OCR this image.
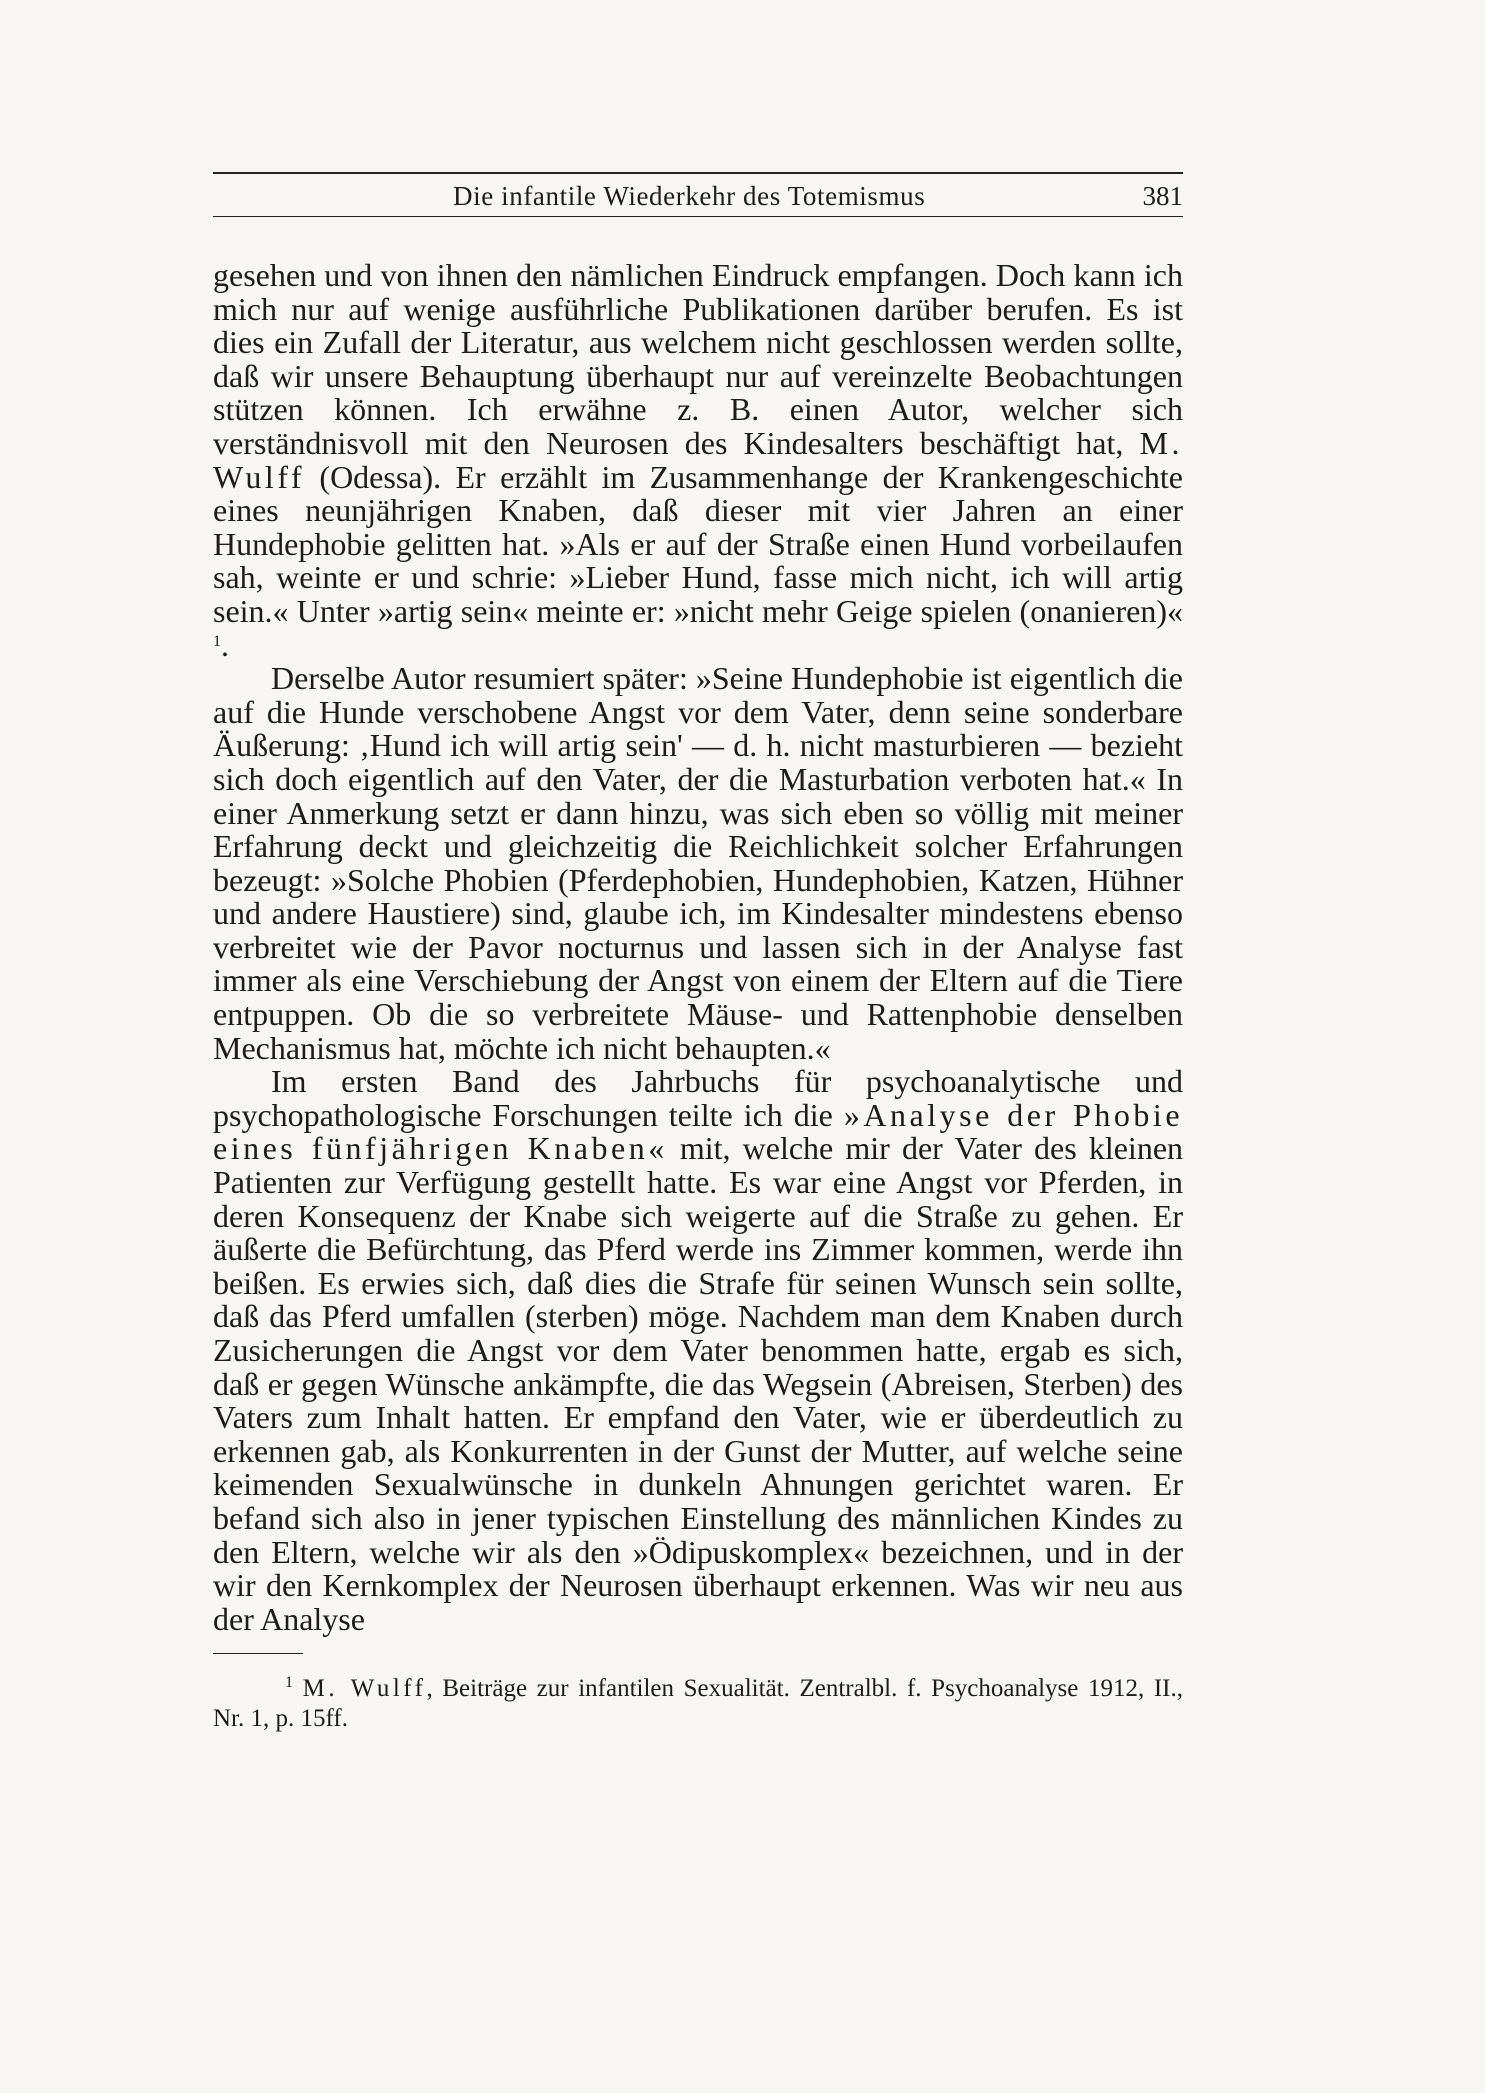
Die infantile Wiederkehr des Totemismus	381

gesehen und von ihnen den nämlichen Eindruck empfangen. Doch kann ich mich nur auf wenige ausführliche Publikationen darüber berufen. Es ist dies ein Zufall der Literatur, aus welchem nicht geschlossen werden sollte, daß wir unsere Behauptung überhaupt nur auf vereinzelte Beobachtungen stützen können. Ich erwähne z. B. einen Autor, welcher sich verständnisvoll mit den Neurosen des Kindesalters beschäftigt hat, M. Wulff (Odessa). Er erzählt im Zusammenhange der Krankengeschichte eines neunjährigen Knaben, daß dieser mit vier Jahren an einer Hundephobie gelitten hat. »Als er auf der Straße einen Hund vorbeilaufen sah, weinte er und schrie: »Lieber Hund, fasse mich nicht, ich will artig sein.« Unter »artig sein« meinte er: »nicht mehr Geige spielen (onanieren)« $^1$.

Derselbe Autor resumiert später: »Seine Hundephobie ist eigentlich die auf die Hunde verschobene Angst vor dem Vater, denn seine sonderbare Äußerung: ‚Hund ich will artig sein' — d. h. nicht masturbieren — bezieht sich doch eigentlich auf den Vater, der die Masturbation verboten hat.« In einer Anmerkung setzt er dann hinzu, was sich eben so völlig mit meiner Erfahrung deckt und gleichzeitig die Reichlichkeit solcher Erfahrungen bezeugt: »Solche Phobien (Pferdephobien, Hundephobien, Katzen, Hühner und andere Haustiere) sind, glaube ich, im Kindesalter mindestens ebenso verbreitet wie der Pavor nocturnus und lassen sich in der Analyse fast immer als eine Verschiebung der Angst von einem der Eltern auf die Tiere entpuppen. Ob die so verbreitete Mäuse- und Rattenphobie denselben Mechanismus hat, möchte ich nicht behaupten.«

Im ersten Band des Jahrbuchs für psychoanalytische und psychopathologische Forschungen teilte ich die »Analyse der Phobie eines fünfjährigen Knaben« mit, welche mir der Vater des kleinen Patienten zur Verfügung gestellt hatte. Es war eine Angst vor Pferden, in deren Konsequenz der Knabe sich weigerte auf die Straße zu gehen. Er äußerte die Befürchtung, das Pferd werde ins Zimmer kommen, werde ihn beißen. Es erwies sich, daß dies die Strafe für seinen Wunsch sein sollte, daß das Pferd umfallen (sterben) möge. Nachdem man dem Knaben durch Zusicherungen die Angst vor dem Vater benommen hatte, ergab es sich, daß er gegen Wünsche ankämpfte, die das Wegsein (Abreisen, Sterben) des Vaters zum Inhalt hatten. Er empfand den Vater, wie er überdeutlich zu erkennen gab, als Konkurrenten in der Gunst der Mutter, auf welche seine keimenden Sexualwünsche in dunkeln Ahnungen gerichtet waren. Er befand sich also in jener typischen Einstellung des männlichen Kindes zu den Eltern, welche wir als den »Ödipuskomplex« bezeichnen, und in der wir den Kernkomplex der Neurosen überhaupt erkennen. Was wir neu aus der Analyse

$^1$ M. Wulff, Beiträge zur infantilen Sexualität. Zentralbl. f. Psychoanalyse 1912, II., Nr. 1, p. 15ff.
